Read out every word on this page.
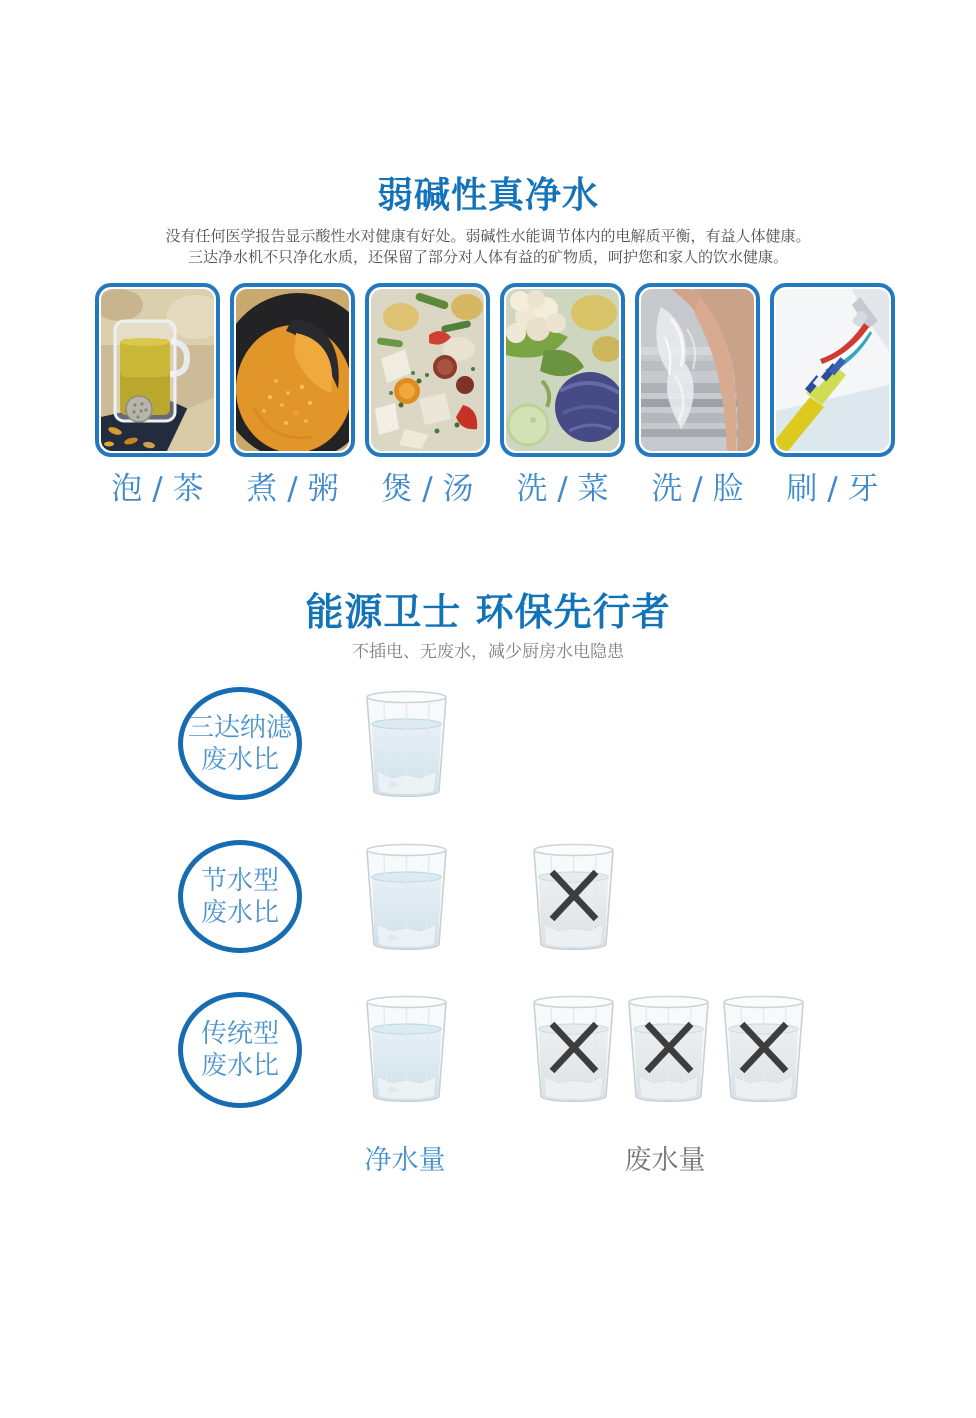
弱碱性真净水

没有任何医学报告显示酸性水对健康有好处。弱碱性水能调节体内的电解质平衡，有益人体健康。
三达净水机不只净化水质，还保留了部分对人体有益的矿物质，呵护您和家人的饮水健康。

泡 / 茶	煮 / 粥	煲 / 汤	洗 / 菜	洗 / 脸	刷 / 牙
能源卫士 环保先行者

不插电、无废水，减少厨房水电隐患

三达纳滤
废水比
节水型
废水比
传统型
废水比
净水量	废水量
